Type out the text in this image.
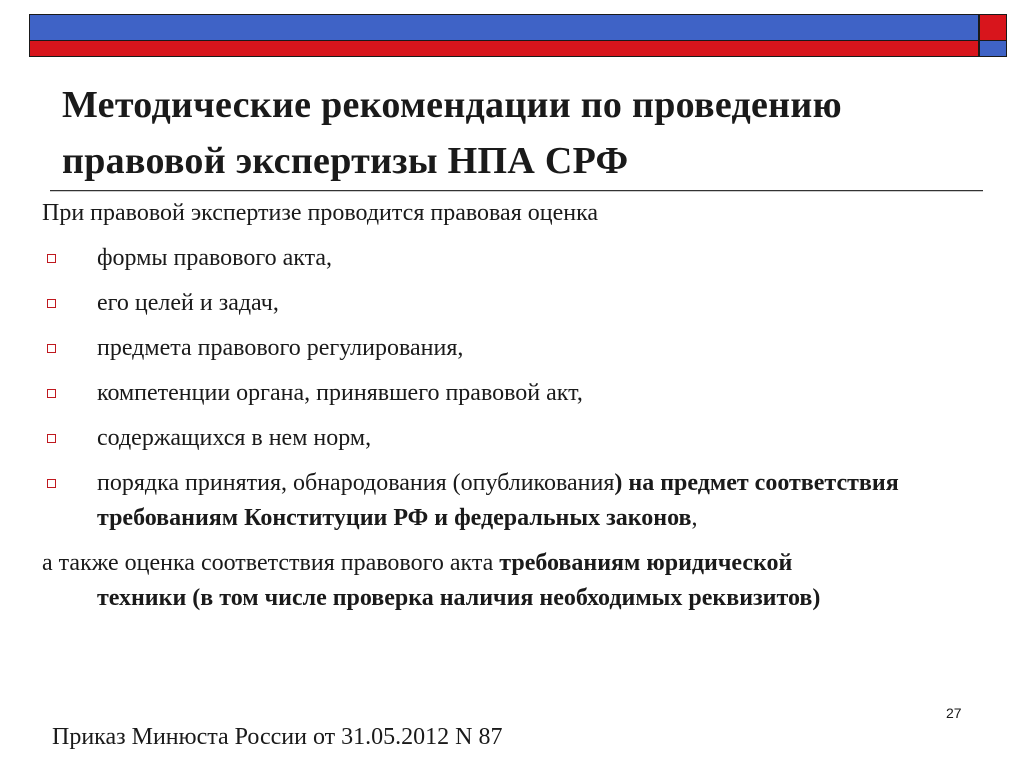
Методические рекомендации по проведению правовой экспертизы НПА СРФ

При правовой экспертизе проводится правовая оценка

формы правового акта,
его целей и задач,
предмета правового регулирования,
компетенции органа, принявшего правовой акт,
содержащихся в нем норм,
порядка принятия, обнародования (опубликования) на предмет соответствия требованиям Конституции РФ и федеральных законов,

а также оценка соответствия правового акта требованиям юридической техники (в том числе проверка наличия необходимых реквизитов)

27
Приказ Минюста России от 31.05.2012 N 87
